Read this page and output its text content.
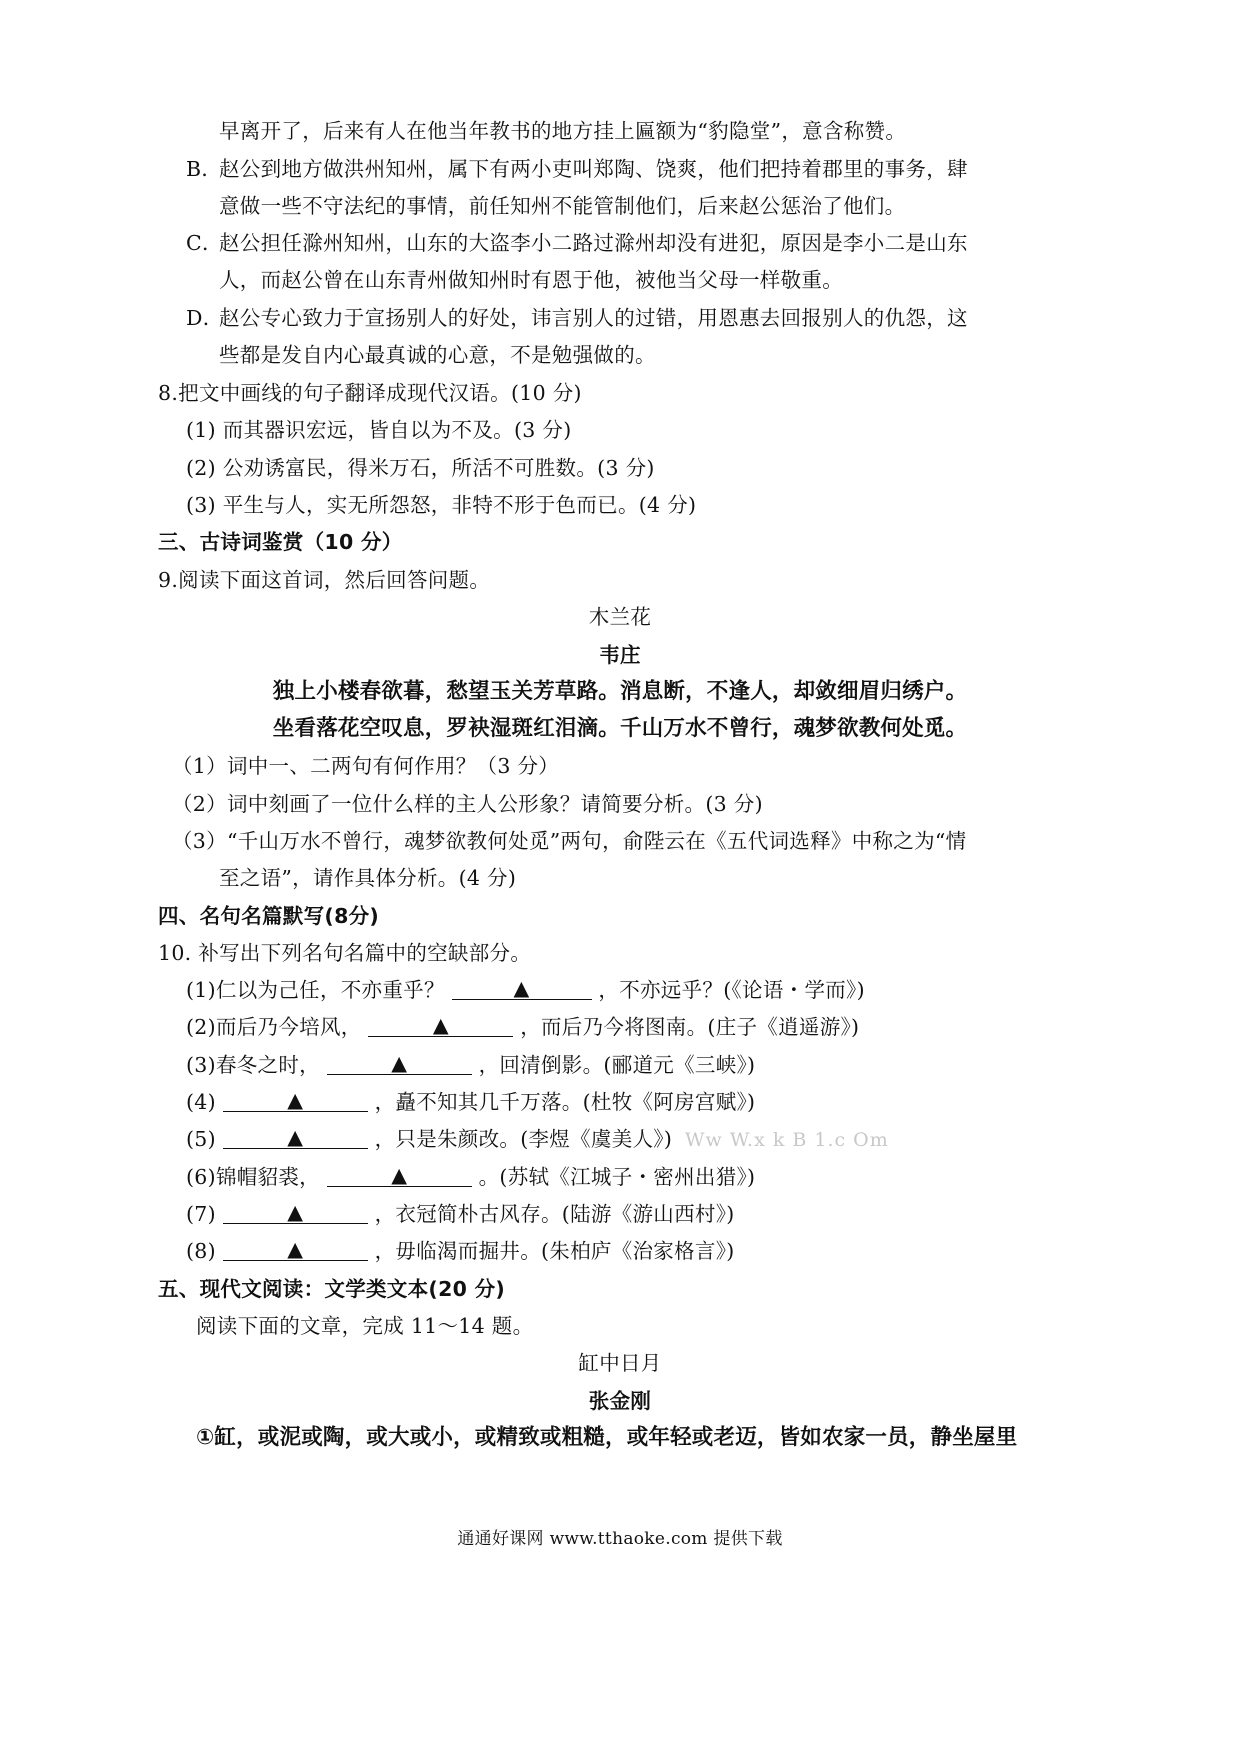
早离开了，后来有人在他当年教书的地方挂上匾额为“豹隐堂”，意含称赞。
B．
赵公到地方做洪州知州，属下有两小吏叫郑陶、饶爽，他们把持着郡里的事务，肆
意做一些不守法纪的事情，前任知州不能管制他们，后来赵公惩治了他们。
C．
赵公担任滁州知州，山东的大盗李小二路过滁州却没有进犯，原因是李小二是山东
人，而赵公曾在山东青州做知州时有恩于他，被他当父母一样敬重。
D．
赵公专心致力于宣扬别人的好处，讳言别人的过错，用恩惠去回报别人的仇怨，这
些都是发自内心最真诚的心意，不是勉强做的。
8.把文中画线的句子翻译成现代汉语。(10 分)
(1) 而其器识宏远，皆自以为不及。(3 分)
(2) 公劝诱富民，得米万石，所活不可胜数。(3 分)
(3) 平生与人，实无所怨怒，非特不形于色而已。(4 分)
三、古诗词鉴赏（10 分）
9.阅读下面这首词，然后回答问题。
木兰花
韦庄
独上小楼春欲暮，愁望玉关芳草路。消息断，不逢人，却敛细眉归绣户。
坐看落花空叹息，罗袂湿斑红泪滴。千山万水不曾行，魂梦欲教何处觅。
（1）词中一、二两句有何作用？（3 分）
（2）词中刻画了一位什么样的主人公形象？请简要分析。(3 分)
（3）“千山万水不曾行，魂梦欲教何处觅”两句，俞陛云在《五代词选释》中称之为“情
至之语”，请作具体分析。(4 分)
四、名句名篇默写(8分)
10. 补写出下列名句名篇中的空缺部分。
(1)仁以为己任，不亦重乎？	▲	，不亦远乎？(《论语・学而》)
(2)而后乃今培风，	▲	，而后乃今将图南。(庄子《逍遥游》)
(3)春冬之时，	▲	，回清倒影。(郦道元《三峡》)
(4)	▲	，矗不知其几千万落。(杜牧《阿房宫赋》)
(5)	▲	，只是朱颜改。(李煜《虞美人》) Ww W.x k B 1.c Om
(6)锦帽貂裘，	▲	。(苏轼《江城子・密州出猎》)
(7)	▲	，衣冠简朴古风存。(陆游《游山西村》)
(8)	▲	，毋临渴而掘井。(朱柏庐《治家格言》)
五、现代文阅读：文学类文本(20 分)
阅读下面的文章，完成 11～14 题。
缸中日月
张金刚
①缸，或泥或陶，或大或小，或精致或粗糙，或年轻或老迈，皆如农家一员，静坐屋里
通通好课网 www.tthaoke.com 提供下载
